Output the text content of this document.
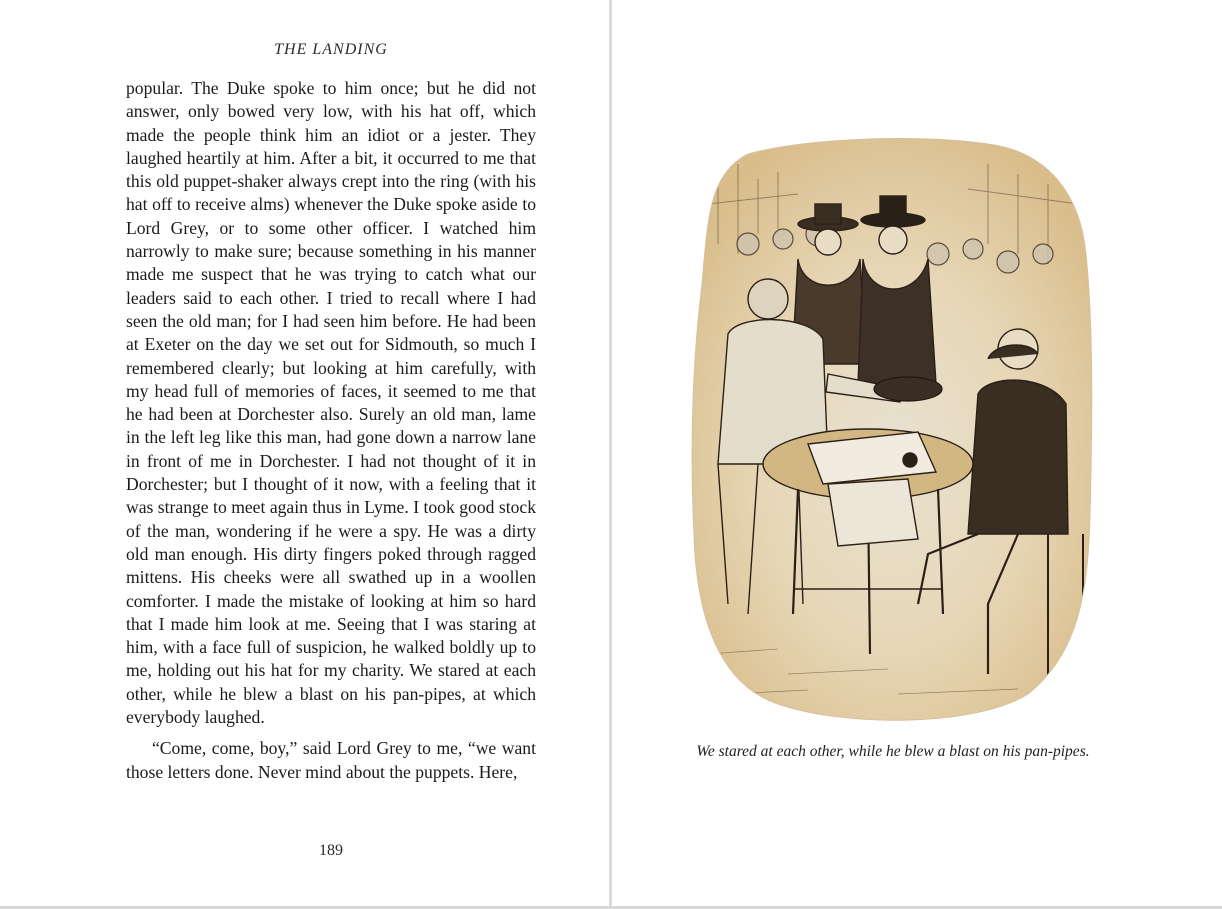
THE LANDING

popular. The Duke spoke to him once; but he did not answer, only bowed very low, with his hat off, which made the people think him an idiot or a jester. They laughed heartily at him. After a bit, it occurred to me that this old puppet-shaker always crept into the ring (with his hat off to receive alms) whenever the Duke spoke aside to Lord Grey, or to some other officer. I watched him narrowly to make sure; because something in his manner made me suspect that he was trying to catch what our leaders said to each other. I tried to recall where I had seen the old man; for I had seen him before. He had been at Exeter on the day we set out for Sidmouth, so much I remembered clearly; but looking at him carefully, with my head full of memories of faces, it seemed to me that he had been at Dorchester also. Surely an old man, lame in the left leg like this man, had gone down a narrow lane in front of me in Dorchester. I had not thought of it in Dorchester; but I thought of it now, with a feeling that it was strange to meet again thus in Lyme. I took good stock of the man, wondering if he were a spy. He was a dirty old man enough. His dirty fingers poked through ragged mittens. His cheeks were all swathed up in a woollen comforter. I made the mistake of looking at him so hard that I made him look at me. Seeing that I was staring at him, with a face full of suspicion, he walked boldly up to me, holding out his hat for my charity. We stared at each other, while he blew a blast on his pan-pipes, at which everybody laughed.

“Come, come, boy,” said Lord Grey to me, “we want those letters done. Never mind about the puppets. Here,

189
We stared at each other, while he blew a blast on his pan-pipes.
